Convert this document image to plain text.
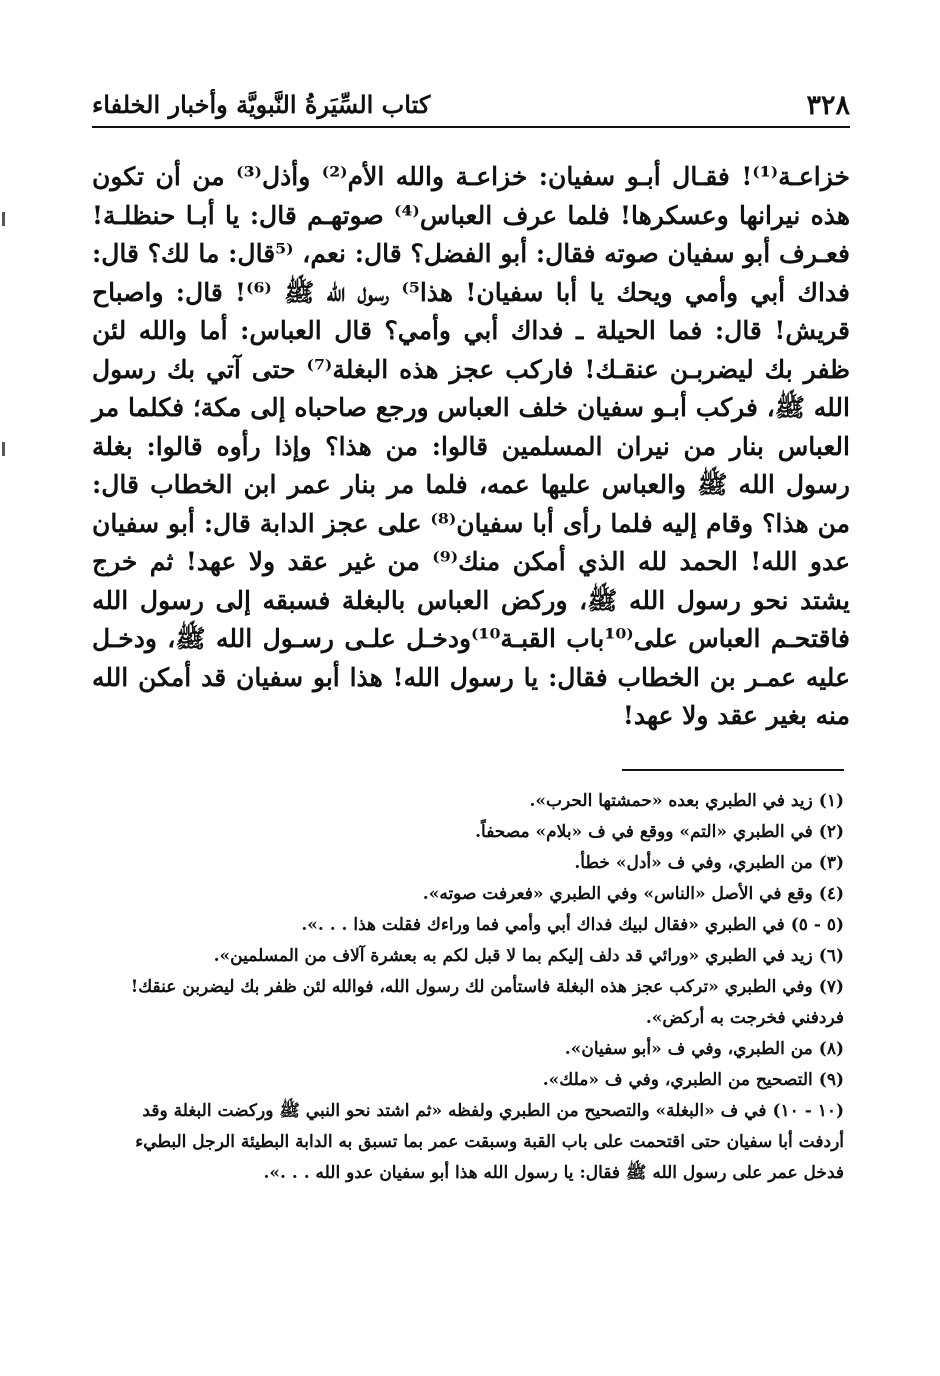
٣٢٨
كتاب السِّيَرةُ النَّبويَّة وأخبار الخلفاء

خزاعـة⁽¹⁾! فقـال أبـو سفيان: خزاعـة والله الأم⁽²⁾ وأذل⁽³⁾ من أن تكون هذه نيرانها وعسكرها! فلما عرف العباس⁽⁴⁾ صوتهـم قال: يا أبـا حنظلـة! فعـرف أبو سفيان صوته فقال: أبو الفضل؟ قال: نعم، ⁽⁵قال: ما لك؟ قال: فداك أبي وأمي ويحك يا أبا سفيان! هذا⁵⁾ رسول الله ﷺ ⁽⁶⁾! قال: واصباح قريش! قال: فما الحيلة ـ فداك أبي وأمي؟ قال العباس: أما والله لئن ظفر بك ليضربـن عنقـك! فاركب عجز هذه البغلة⁽⁷⁾ حتى آتي بك رسول الله ﷺ، فركب أبـو سفيان خلف العباس ورجع صاحباه إلى مكة؛ فكلما مر العباس بنار من نيران المسلمين قالوا: من هذا؟ وإذا رأوه قالوا: بغلة رسول الله ﷺ والعباس عليها عمه، فلما مر بنار عمر ابن الخطاب قال: من هذا؟ وقام إليه فلما رأى أبا سفيان⁽⁸⁾ على عجز الدابة قال: أبو سفيان عدو الله! الحمد لله الذي أمكن منك⁽⁹⁾ من غير عقد ولا عهد! ثم خرج يشتد نحو رسول الله ﷺ، وركض العباس بالبغلة فسبقه إلى رسول الله فاقتحـم العباس على⁽¹⁰باب القبـة¹⁰⁾ودخـل علـى رسـول الله ﷺ، ودخـل عليه عمـر بن الخطاب فقال: يا رسول الله! هذا أبو سفيان قد أمكن الله منه بغير عقد ولا عهد!

(١)زيد في الطبري بعده «حمشتها الحرب».

(٢)في الطبري «التم» ووقع في ف «بلام» مصحفاً.

(٣)من الطبري، وفي ف «أدل» خطأ.

(٤)وقع في الأصل «الناس» وفي الطبري «فعرفت صوته».

(٥ - ٥)في الطبري «فقال لبيك فداك أبي وأمي فما وراءك فقلت هذا . . .».

(٦)زيد في الطبري «ورائي قد دلف إليكم بما لا قبل لكم به بعشرة آلاف من المسلمين».

(٧)وفي الطبري «تركب عجز هذه البغلة فاستأمن لك رسول الله، فوالله لئن ظفر بك ليضربن عنقك! فردفني فخرجت به أركض».

(٨)من الطبري، وفي ف «أبو سفيان».

(٩)التصحيح من الطبري، وفي ف «ملك».

(١٠ - ١٠)في ف «البغلة» والتصحيح من الطبري ولفظه «ثم اشتد نحو النبي ﷺ وركضت البغلة وقد أردفت أبا سفيان حتى اقتحمت على باب القبة وسبقت عمر بما تسبق به الدابة البطيئة الرجل البطيء فدخل عمر على رسول الله ﷺ فقال: يا رسول الله هذا أبو سفيان عدو الله . . .».
